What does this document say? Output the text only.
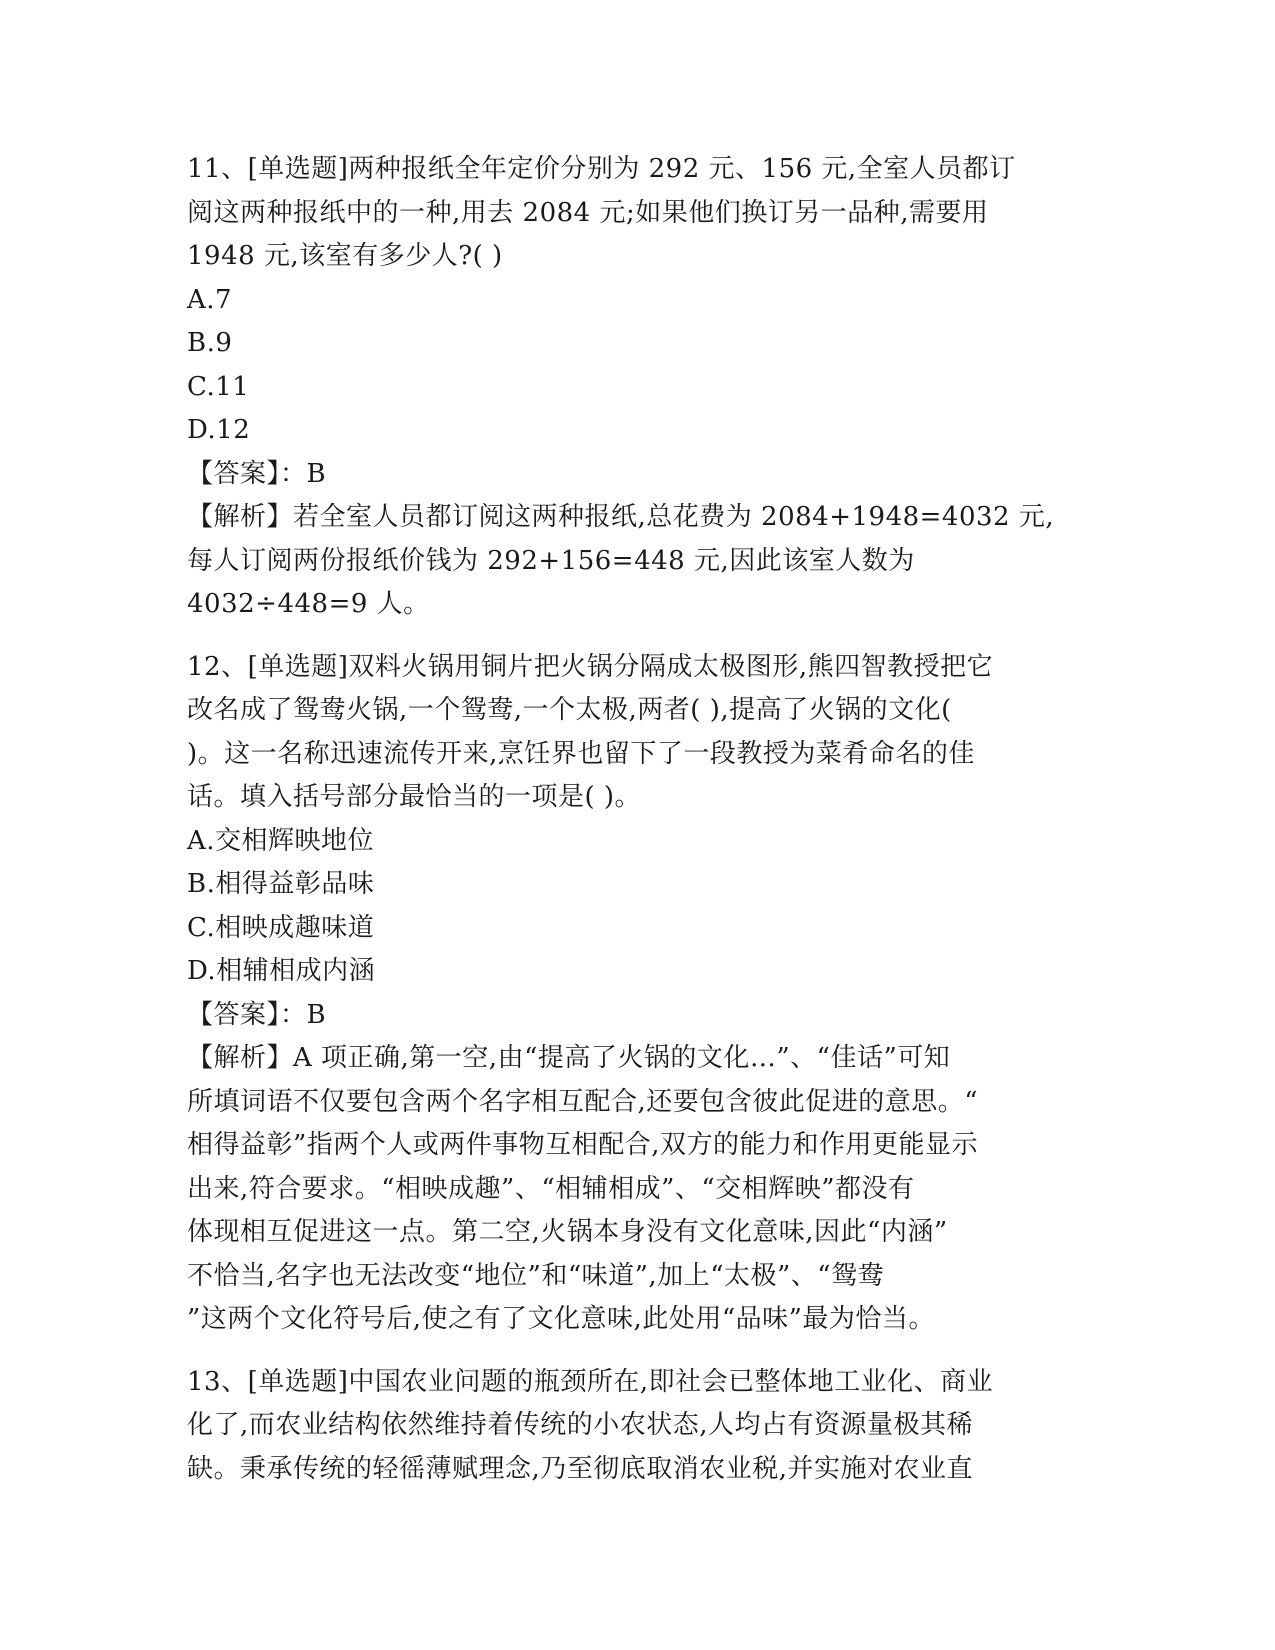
11、[单选题]两种报纸全年定价分别为 292 元、156 元,全室人员都订
阅这两种报纸中的一种,用去 2084 元;如果他们换订另一品种,需要用
1948 元,该室有多少人?( )
A.7
B.9
C.11
D.12
【答案】：B
【解析】若全室人员都订阅这两种报纸,总花费为 2084+1948=4032 元,
每人订阅两份报纸价钱为 292+156=448 元,因此该室人数为
4032÷448=9 人。
12、[单选题]双料火锅用铜片把火锅分隔成太极图形,熊四智教授把它
改名成了鸳鸯火锅,一个鸳鸯,一个太极,两者( ),提高了火锅的文化(
)。这一名称迅速流传开来,烹饪界也留下了一段教授为菜肴命名的佳
话。填入括号部分最恰当的一项是( )。
A.交相辉映地位
B.相得益彰品味
C.相映成趣味道
D.相辅相成内涵
【答案】：B
【解析】A 项正确,第一空,由“提高了火锅的文化…”、“佳话”可知
所填词语不仅要包含两个名字相互配合,还要包含彼此促进的意思。“
相得益彰”指两个人或两件事物互相配合,双方的能力和作用更能显示
出来,符合要求。“相映成趣”、“相辅相成”、“交相辉映”都没有
体现相互促进这一点。第二空,火锅本身没有文化意味,因此“内涵”
不恰当,名字也无法改变“地位”和“味道”,加上“太极”、“鸳鸯
”这两个文化符号后,使之有了文化意味,此处用“品味”最为恰当。
13、[单选题]中国农业问题的瓶颈所在,即社会已整体地工业化、商业
化了,而农业结构依然维持着传统的小农状态,人均占有资源量极其稀
缺。秉承传统的轻徭薄赋理念,乃至彻底取消农业税,并实施对农业直
